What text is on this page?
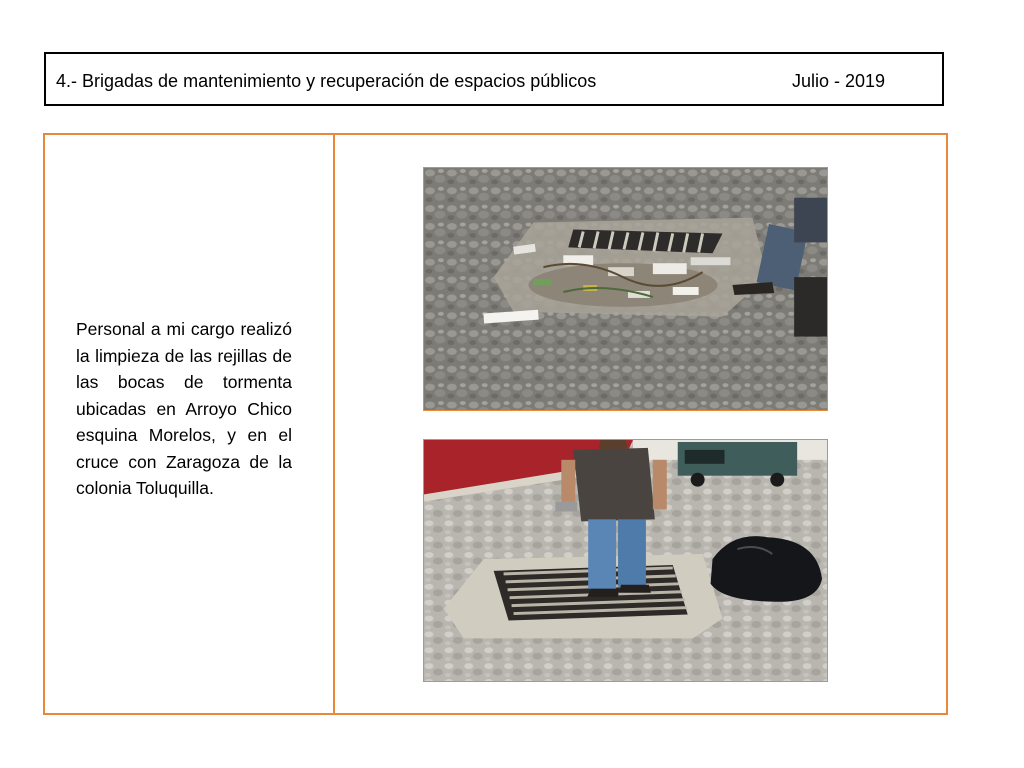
4.- Brigadas de mantenimiento y recuperación de espacios públicos	Julio - 2019
Personal a mi cargo realizó la limpieza de las rejillas de las bocas de tormenta ubicadas en Arroyo Chico esquina Morelos, y en el cruce con Zaragoza de la colonia Toluquilla.
